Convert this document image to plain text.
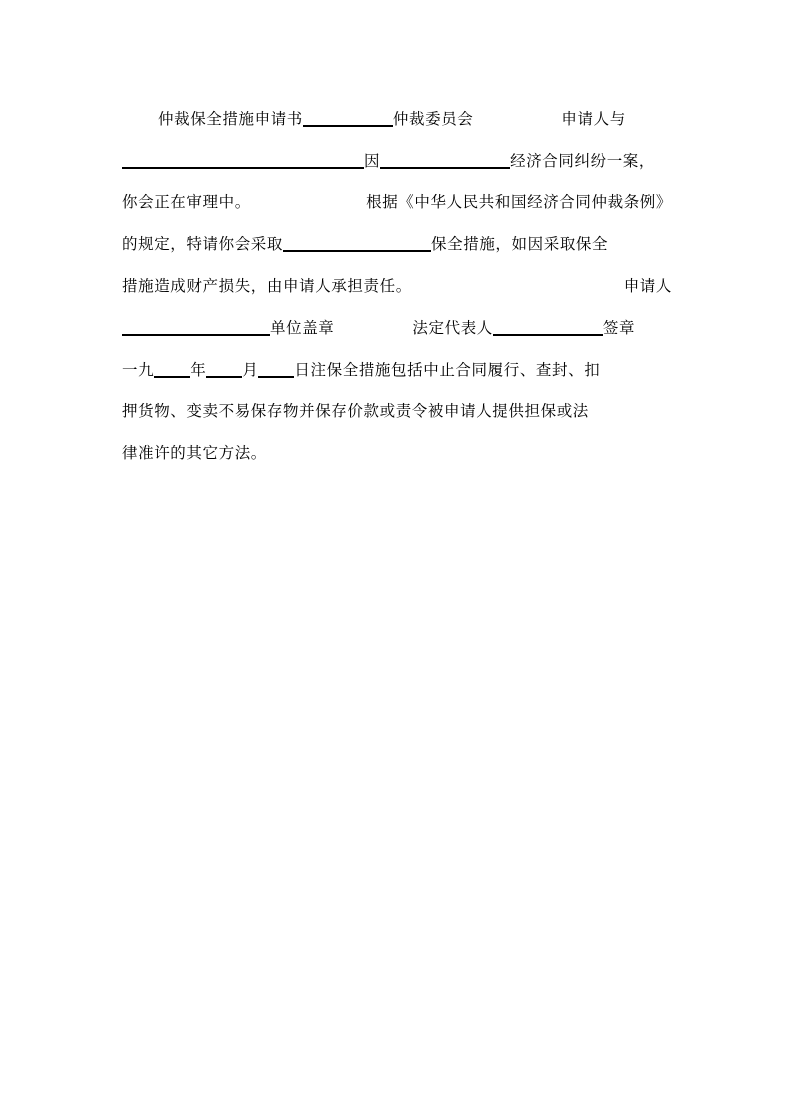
仲裁保全措施申请书	仲裁委员会	申请人与
因	经济合同纠纷一案，
你会正在审理中。	根据《中华人民共和国经济合同仲裁条例》
的规定，特请你会采取	保全措施，如因采取保全
措施造成财产损失，由申请人承担责任。	申请人
单位盖章	法定代表人	签章
一九 年 月 日注保全措施包括中止合同履行、查封、扣
押货物、变卖不易保存物并保存价款或责令被申请人提供担保或法
律准许的其它方法。
